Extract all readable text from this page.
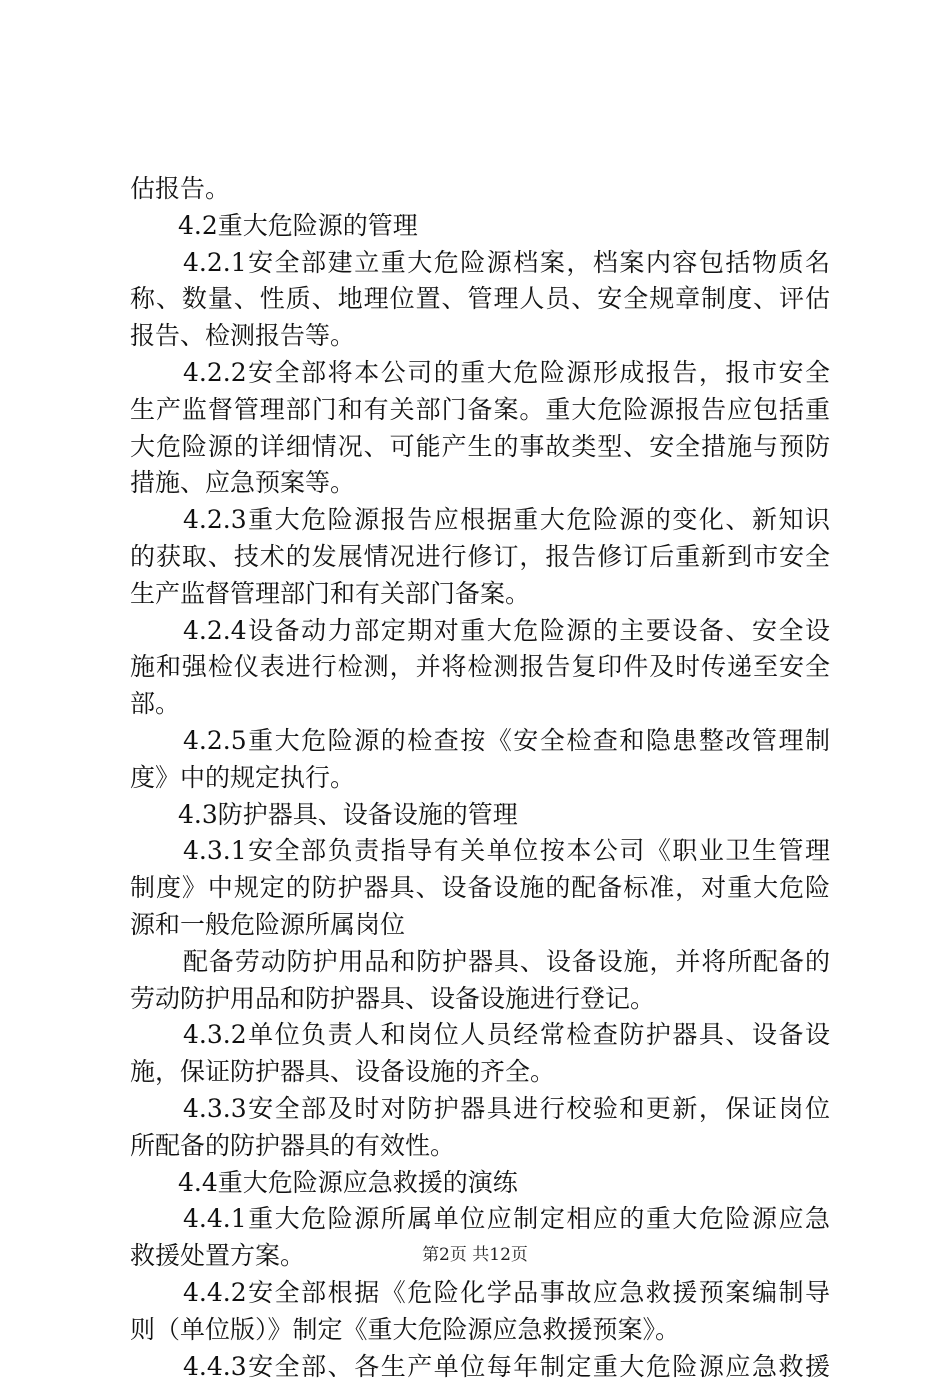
估报告。
4.2重大危险源的管理
4.2.1安全部建立重大危险源档案，档案内容包括物质名
称、数量、性质、地理位置、管理人员、安全规章制度、评估
报告、检测报告等。
4.2.2安全部将本公司的重大危险源形成报告，报市安全
生产监督管理部门和有关部门备案。重大危险源报告应包括重
大危险源的详细情况、可能产生的事故类型、安全措施与预防
措施、应急预案等。
4.2.3重大危险源报告应根据重大危险源的变化、新知识
的获取、技术的发展情况进行修订，报告修订后重新到市安全
生产监督管理部门和有关部门备案。
4.2.4设备动力部定期对重大危险源的主要设备、安全设
施和强检仪表进行检测，并将检测报告复印件及时传递至安全
部。
4.2.5重大危险源的检查按《安全检查和隐患整改管理制
度》中的规定执行。
4.3防护器具、设备设施的管理
4.3.1安全部负责指导有关单位按本公司《职业卫生管理
制度》中规定的防护器具、设备设施的配备标准，对重大危险
源和一般危险源所属岗位
配备劳动防护用品和防护器具、设备设施，并将所配备的
劳动防护用品和防护器具、设备设施进行登记。
4.3.2单位负责人和岗位人员经常检查防护器具、设备设
施，保证防护器具、设备设施的齐全。
4.3.3安全部及时对防护器具进行校验和更新，保证岗位
所配备的防护器具的有效性。
4.4重大危险源应急救援的演练
4.4.1重大危险源所属单位应制定相应的重大危险源应急
救援处置方案。
4.4.2安全部根据《危险化学品事故应急救援预案编制导
则（单位版）》制定《重大危险源应急救援预案》。
4.4.3安全部、各生产单位每年制定重大危险源应急救援
第2页 共12页
